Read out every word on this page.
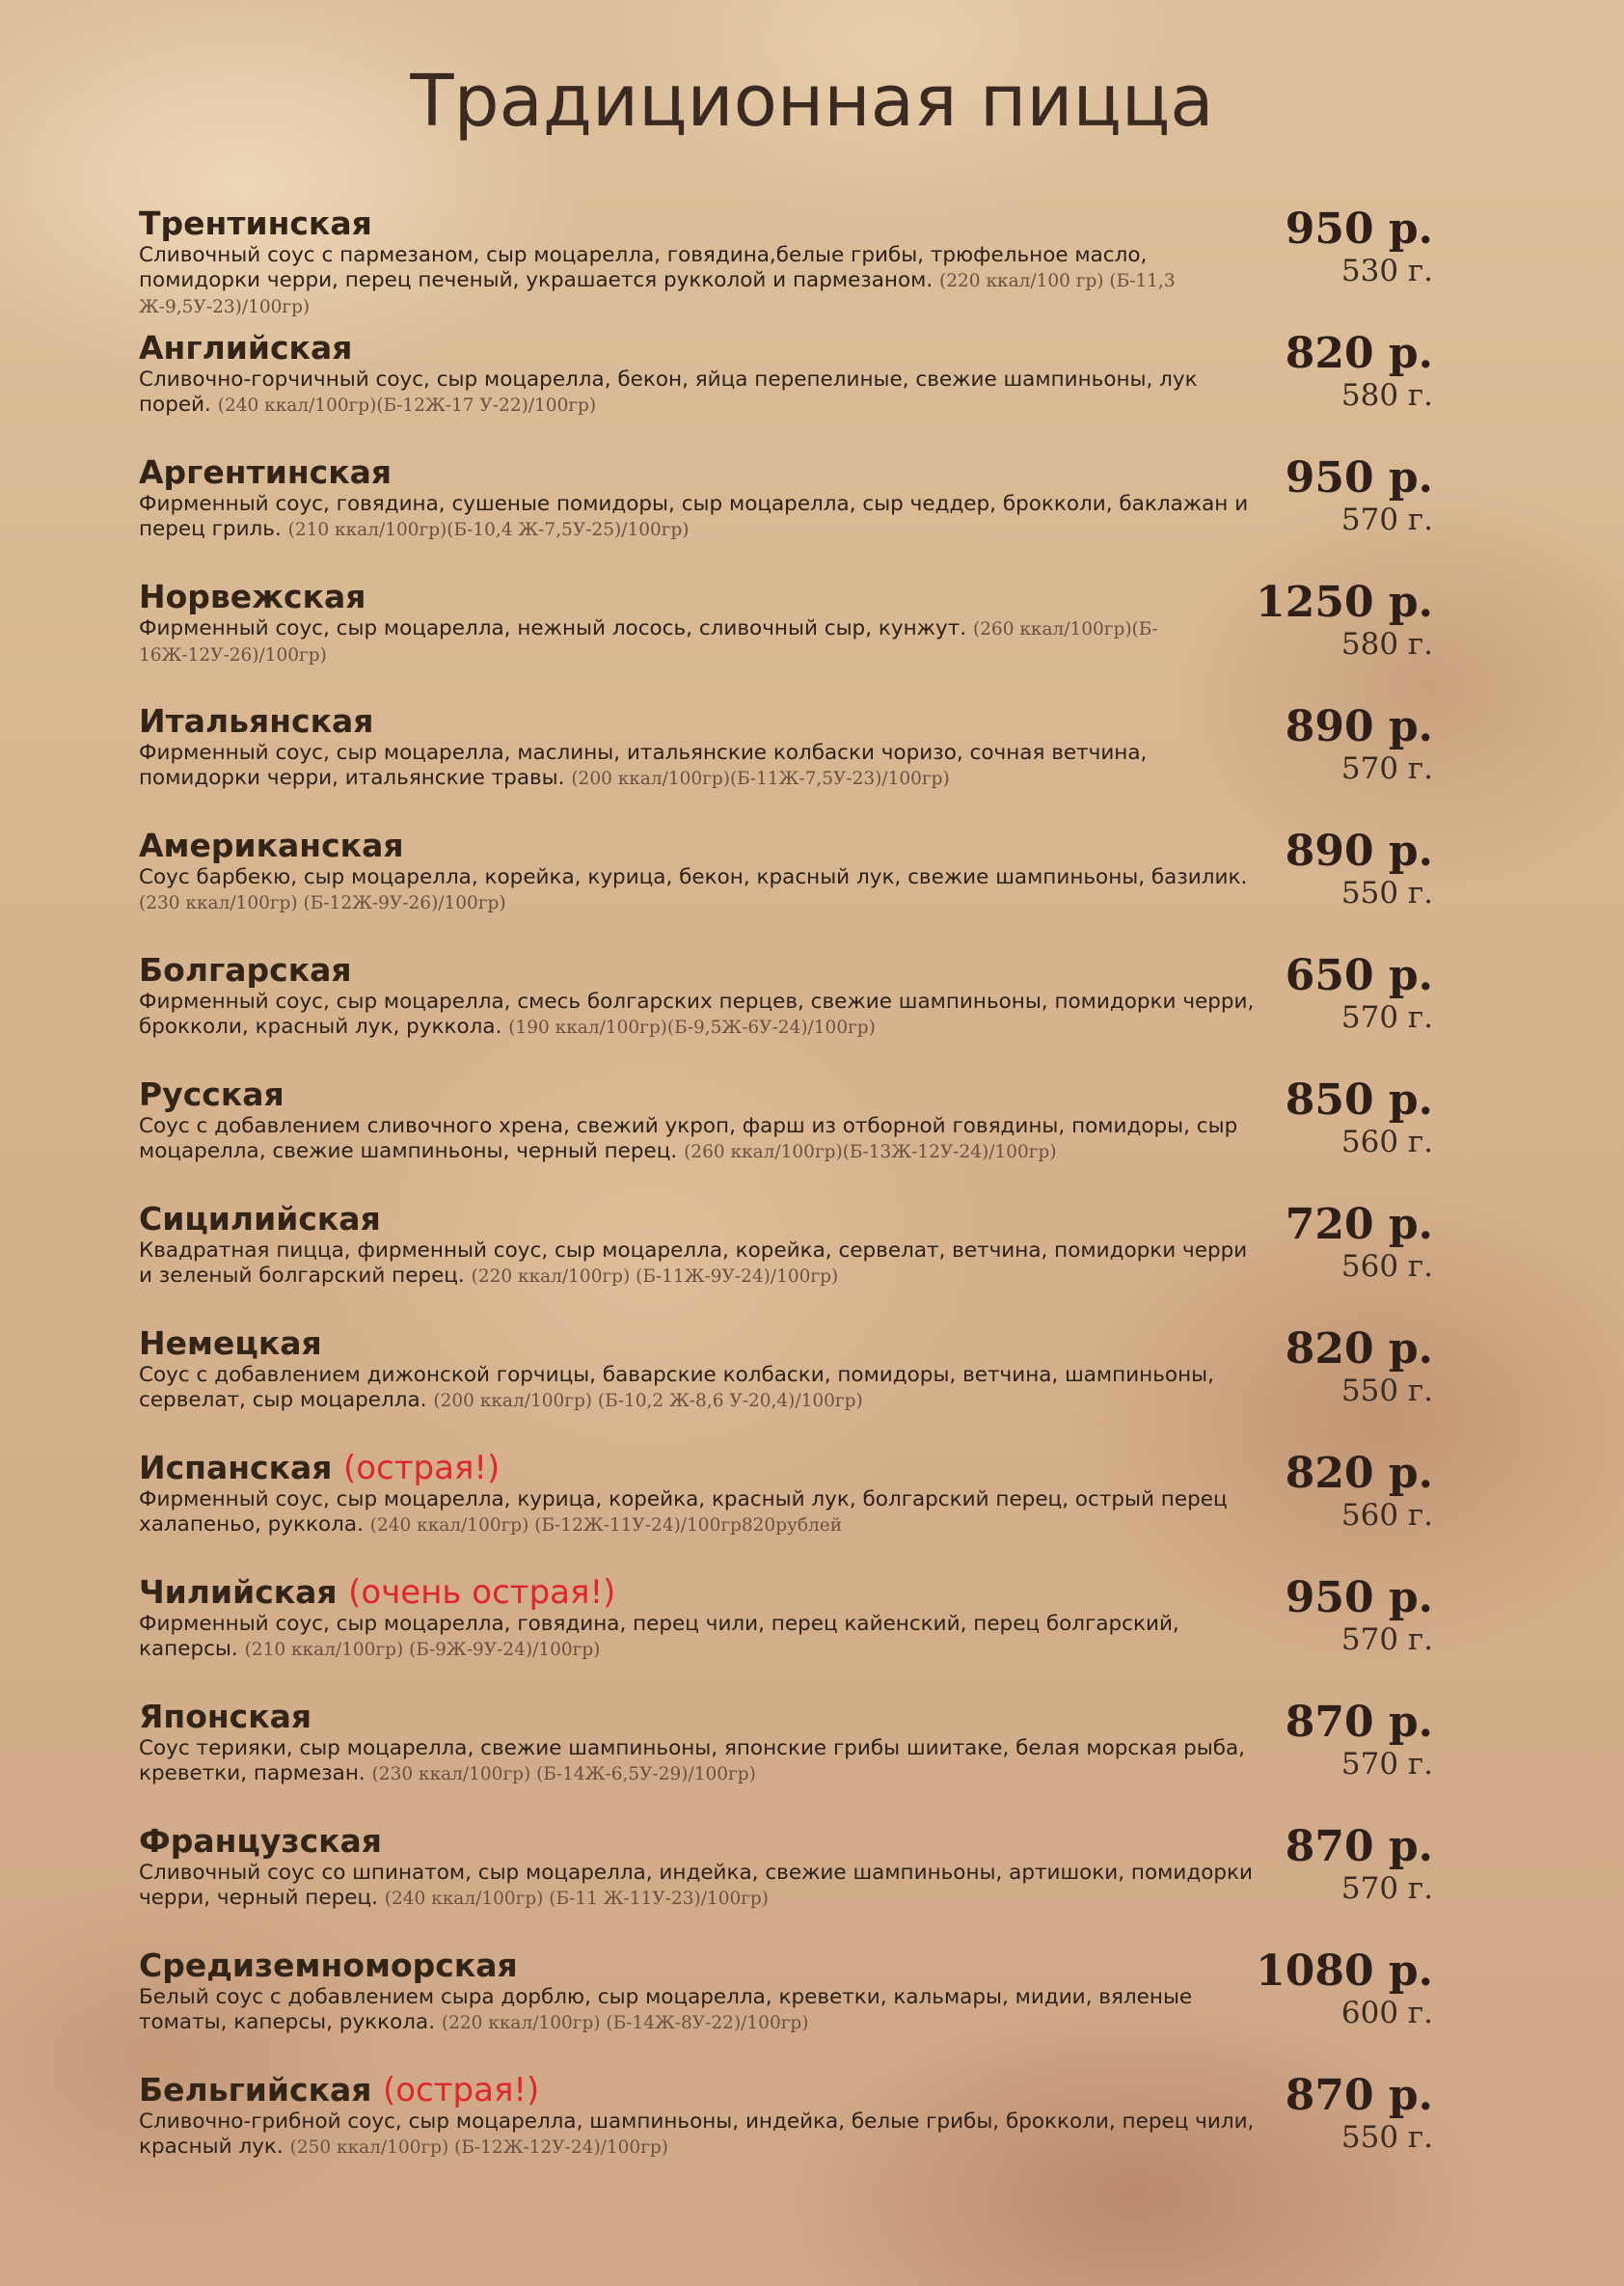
Традиционная пицца
Трентинская
Сливочный соус с пармезаном, сыр моцарелла, говядина,белые грибы, трюфельное масло, помидорки черри, перец печеный, украшается рукколой и пармезаном. (220 ккал/100 гр) (Б-11,3 Ж-9,5У-23)/100гр)
950 р.
530 г.
Английская
Сливочно-горчичный соус, сыр моцарелла, бекон, яйца перепелиные, свежие шампиньоны, лук порей. (240 ккал/100гр)(Б-12Ж-17 У-22)/100гр)
820 р.
580 г.
Аргентинская
Фирменный соус, говядина, сушеные помидоры, сыр моцарелла, сыр чеддер, брокколи, баклажан и перец гриль. (210 ккал/100гр)(Б-10,4 Ж-7,5У-25)/100гр)
950 р.
570 г.
Норвежская
Фирменный соус, сыр моцарелла, нежный лосось, сливочный сыр, кунжут. (260 ккал/100гр)(Б- 16Ж-12У-26)/100гр)
1250 р.
580 г.
Итальянская
Фирменный соус, сыр моцарелла, маслины, итальянские колбаски чоризо, сочная ветчина, помидорки черри, итальянские травы. (200 ккал/100гр)(Б-11Ж-7,5У-23)/100гр)
890 р.
570 г.
Американская
Соус барбекю, сыр моцарелла, корейка, курица, бекон, красный лук, свежие шампиньоны, базилик. (230 ккал/100гр) (Б-12Ж-9У-26)/100гр)
890 р.
550 г.
Болгарская
Фирменный соус, сыр моцарелла, смесь болгарских перцев, свежие шампиньоны, помидорки черри, брокколи, красный лук, руккола. (190 ккал/100гр)(Б-9,5Ж-6У-24)/100гр)
650 р.
570 г.
Русская
Соус с добавлением сливочного хрена, свежий укроп, фарш из отборной говядины, помидоры, сыр моцарелла, свежие шампиньоны, черный перец. (260 ккал/100гр)(Б-13Ж-12У-24)/100гр)
850 р.
560 г.
Сицилийская
Квадратная пицца, фирменный соус, сыр моцарелла, корейка, сервелат, ветчина, помидорки черри и зеленый болгарский перец. (220 ккал/100гр) (Б-11Ж-9У-24)/100гр)
720 р.
560 г.
Немецкая
Соус с добавлением дижонской горчицы, баварские колбаски, помидоры, ветчина, шампиньоны, сервелат, сыр моцарелла. (200 ккал/100гр) (Б-10,2 Ж-8,6 У-20,4)/100гр)
820 р.
550 г.
Испанская (острая!)
Фирменный соус, сыр моцарелла, курица, корейка, красный лук, болгарский перец, острый перец халапеньо, руккола. (240 ккал/100гр) (Б-12Ж-11У-24)/100гр820рублей
820 р.
560 г.
Чилийская (очень острая!)
Фирменный соус, сыр моцарелла, говядина, перец чили, перец кайенский, перец болгарский, каперсы. (210 ккал/100гр) (Б-9Ж-9У-24)/100гр)
950 р.
570 г.
Японская
Соус терияки, сыр моцарелла, свежие шампиньоны, японские грибы шиитаке, белая морская рыба, креветки, пармезан. (230 ккал/100гр) (Б-14Ж-6,5У-29)/100гр)
870 р.
570 г.
Французская
Сливочный соус со шпинатом, сыр моцарелла, индейка, свежие шампиньоны, артишоки, помидорки черри, черный перец. (240 ккал/100гр) (Б-11 Ж-11У-23)/100гр)
870 р.
570 г.
Средиземноморская
Белый соус с добавлением сыра дорблю, сыр моцарелла, креветки, кальмары, мидии, вяленые томаты, каперсы, руккола. (220 ккал/100гр) (Б-14Ж-8У-22)/100гр)
1080 р.
600 г.
Бельгийская (острая!)
Сливочно-грибной соус, сыр моцарелла, шампиньоны, индейка, белые грибы, брокколи, перец чили, красный лук. (250 ккал/100гр) (Б-12Ж-12У-24)/100гр)
870 р.
550 г.
